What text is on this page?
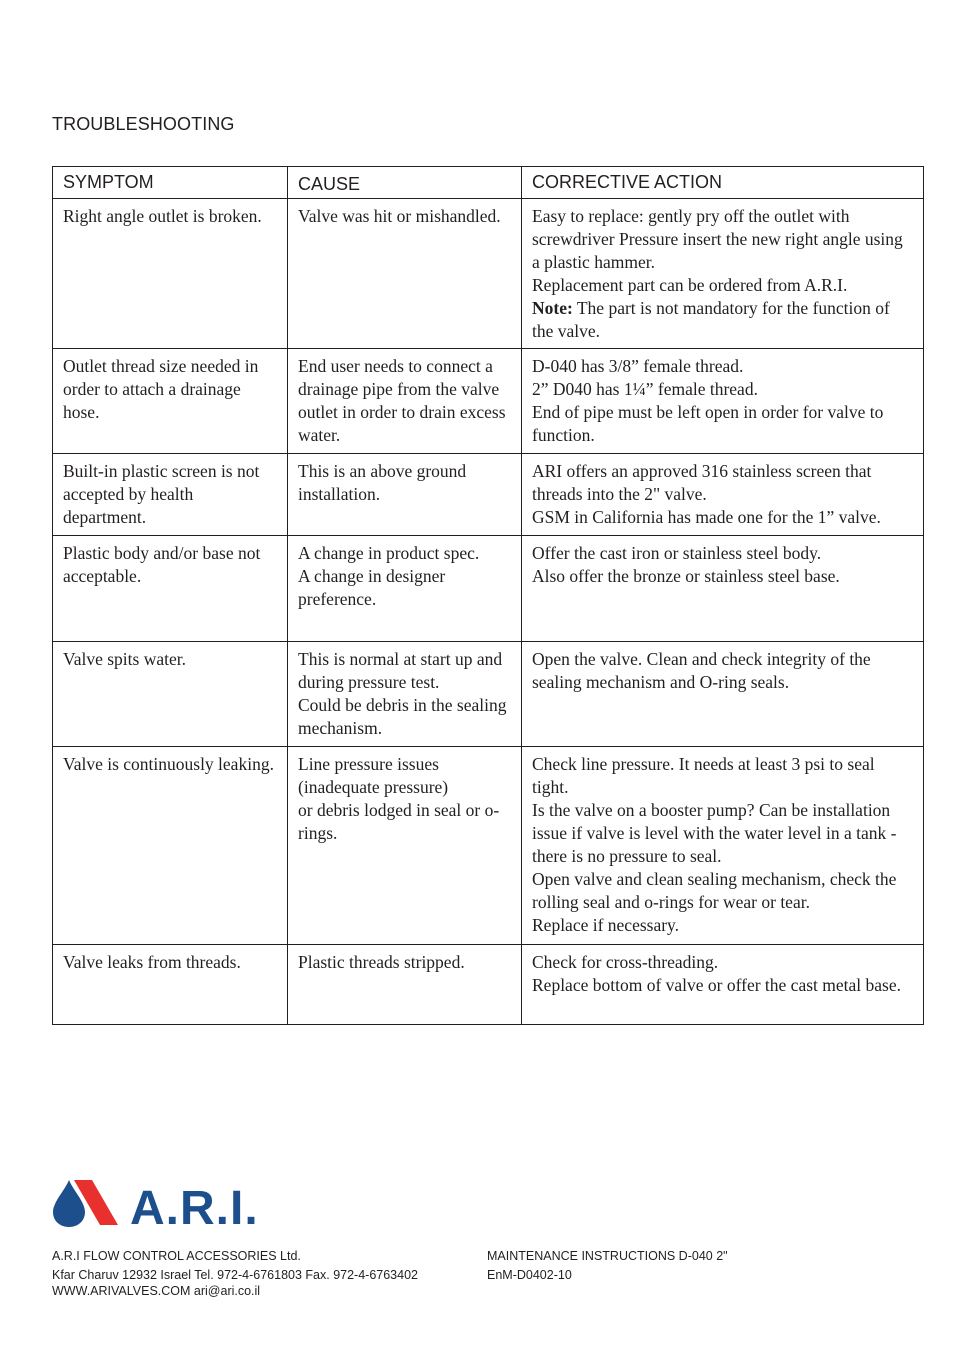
TROUBLESHOOTING
SYMPTOM	CAUSE	CORRECTIVE ACTION
Right angle outlet is broken.	Valve was hit or mishandled.	Easy to replace: gently pry off the outlet with screwdriver Pressure insert the new right angle using a plastic hammer.
Replacement part can be ordered from A.R.I.
Note: The part is not mandatory for the function of the valve.

Outlet thread size needed in order to attach a drainage hose.	End user needs to connect a drainage pipe from the valve outlet in order to drain excess water.	D-040 has 3/8” female thread.
2” D040 has 1¼” female thread.
End of pipe must be left open in order for valve to function.

Built-in plastic screen is not accepted by health department.	This is an above ground installation.	ARI offers an approved 316 stainless screen that threads into the 2" valve.
GSM in California has made one for the 1” valve.

Plastic body and/or base not acceptable.	A change in product spec.
A change in designer preference.	Offer the cast iron or stainless steel body.
Also offer the bronze or stainless steel base.

Valve spits water.	This is normal at start up and during pressure test.
Could be debris in the sealing mechanism.	Open the valve. Clean and check integrity of the sealing mechanism and O-ring seals.

Valve is continuously leaking.	Line pressure issues (inadequate pressure)
or debris lodged in seal or o-rings.	Check line pressure. It needs at least 3 psi to seal tight.
Is the valve on a booster pump? Can be installation issue if valve is level with the water level in a tank - there is no pressure to seal.
Open valve and clean sealing mechanism, check the rolling seal and o-rings for wear or tear.
Replace if necessary.

Valve leaks from threads.	Plastic threads stripped.	Check for cross-threading.
Replace bottom of valve or offer the cast metal base.
A.R.I.
A.R.I FLOW CONTROL ACCESSORIES Ltd.
Kfar Charuv 12932 Israel Tel. 972-4-6761803 Fax. 972-4-6763402
WWW.ARIVALVES.COM ari@ari.co.il
MAINTENANCE INSTRUCTIONS D-040 2"
EnM-D0402-10
